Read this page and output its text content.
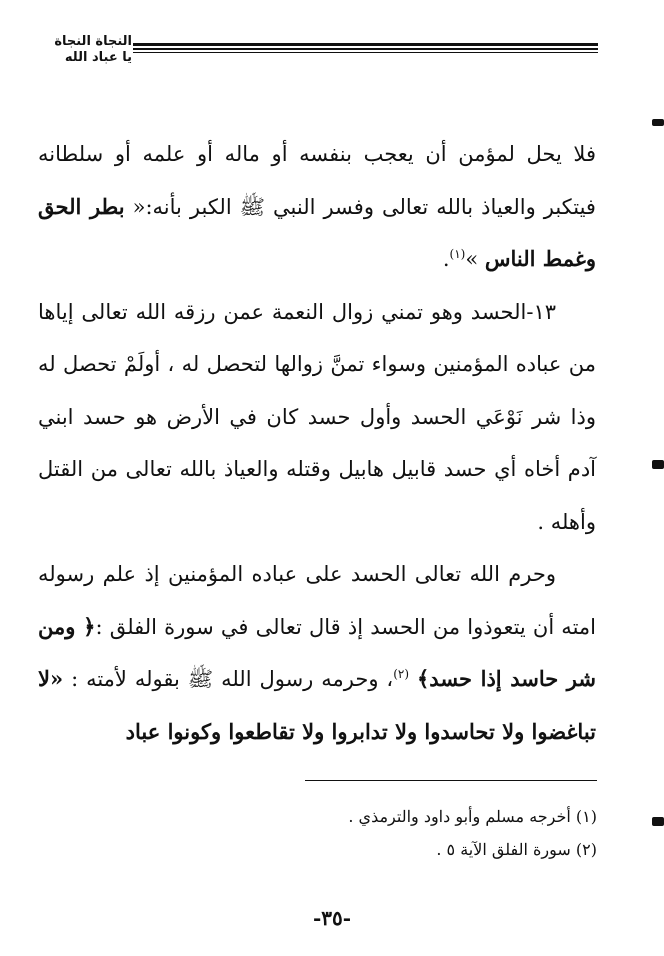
النجاة النجاة
يا عباد الله

فلا يحل لمؤمن أن يعجب بنفسه أو ماله أو علمه أو سلطانه فيتكبر والعياذ بالله تعالى وفسر النبي ﷺ الكبر بأنه:« بطر الحق وغمط الناس »$^{(١)}$.

١٣-الحسد وهو تمني زوال النعمة عمن رزقه الله تعالى إياها من عباده المؤمنين وسواء تمنَّ زوالها لتحصل له ، أولَمْ تحصل له وذا شر نَوْعَي الحسد وأول حسد كان في الأرض هو حسد ابني آدم أخاه أي حسد قابيل هابيل وقتله والعياذ بالله تعالى من القتل وأهله .

وحرم الله تعالى الحسد على عباده المؤمنين إذ علم رسوله امته أن يتعوذوا من الحسد إذ قال تعالى في سورة الفلق :﴿ ومن شر حاسد إذا حسد﴾ $^{(٢)}$، وحرمه رسول الله ﷺ بقوله لأمته : «لا تباغضوا ولا تحاسدوا ولا تدابروا ولا تقاطعوا وكونوا عباد

(١) أخرجه مسلم وأبو داود والترمذي .

(٢) سورة الفلق الآية ٥ .

-٣٥-
